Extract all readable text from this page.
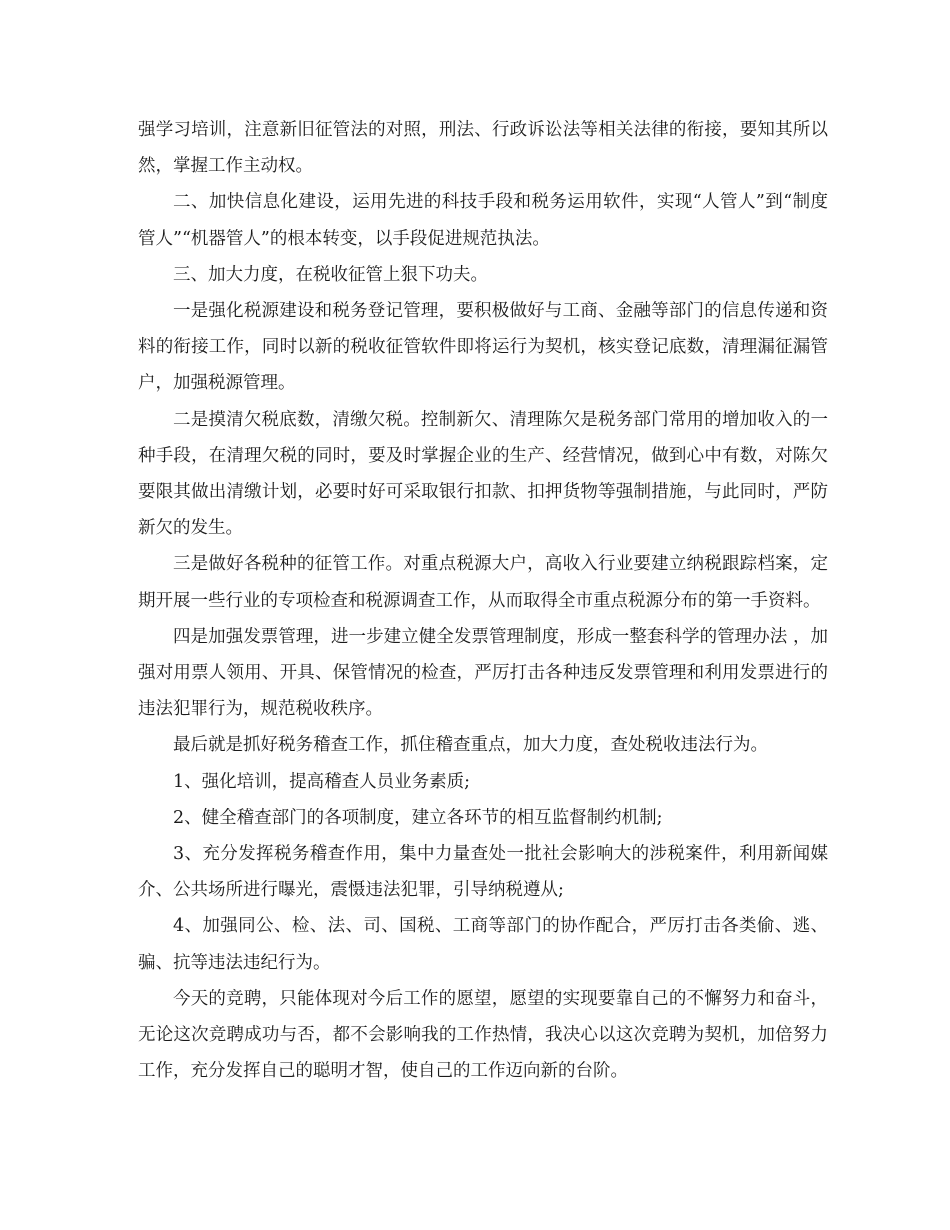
强学习培训，注意新旧征管法的对照，刑法、行政诉讼法等相关法律的衔接，要知其所以然，掌握工作主动权。

二、加快信息化建设，运用先进的科技手段和税务运用软件，实现“人管人”到“制度管人”“机器管人”的根本转变，以手段促进规范执法。

三、加大力度，在税收征管上狠下功夫。

一是强化税源建设和税务登记管理，要积极做好与工商、金融等部门的信息传递和资料的衔接工作，同时以新的税收征管软件即将运行为契机，核实登记底数，清理漏征漏管户，加强税源管理。

二是摸清欠税底数，清缴欠税。控制新欠、清理陈欠是税务部门常用的增加收入的一种手段，在清理欠税的同时，要及时掌握企业的生产、经营情况，做到心中有数，对陈欠要限其做出清缴计划，必要时好可采取银行扣款、扣押货物等强制措施，与此同时，严防新欠的发生。

三是做好各税种的征管工作。对重点税源大户，高收入行业要建立纳税跟踪档案，定期开展一些行业的专项检查和税源调查工作，从而取得全市重点税源分布的第一手资料。

四是加强发票管理，进一步建立健全发票管理制度，形成一整套科学的管理办法 ，加强对用票人领用、开具、保管情况的检查，严厉打击各种违反发票管理和利用发票进行的违法犯罪行为，规范税收秩序。

最后就是抓好税务稽查工作，抓住稽查重点，加大力度，查处税收违法行为。

1、强化培训，提高稽查人员业务素质;

2、健全稽查部门的各项制度，建立各环节的相互监督制约机制;

3、充分发挥税务稽查作用，集中力量查处一批社会影响大的涉税案件，利用新闻媒介、公共场所进行曝光，震慑违法犯罪，引导纳税遵从;

4、加强同公、检、法、司、国税、工商等部门的协作配合，严厉打击各类偷、逃、骗、抗等违法违纪行为。

今天的竞聘，只能体现对今后工作的愿望，愿望的实现要靠自己的不懈努力和奋斗，无论这次竞聘成功与否，都不会影响我的工作热情，我决心以这次竞聘为契机，加倍努力工作，充分发挥自己的聪明才智，使自己的工作迈向新的台阶。
